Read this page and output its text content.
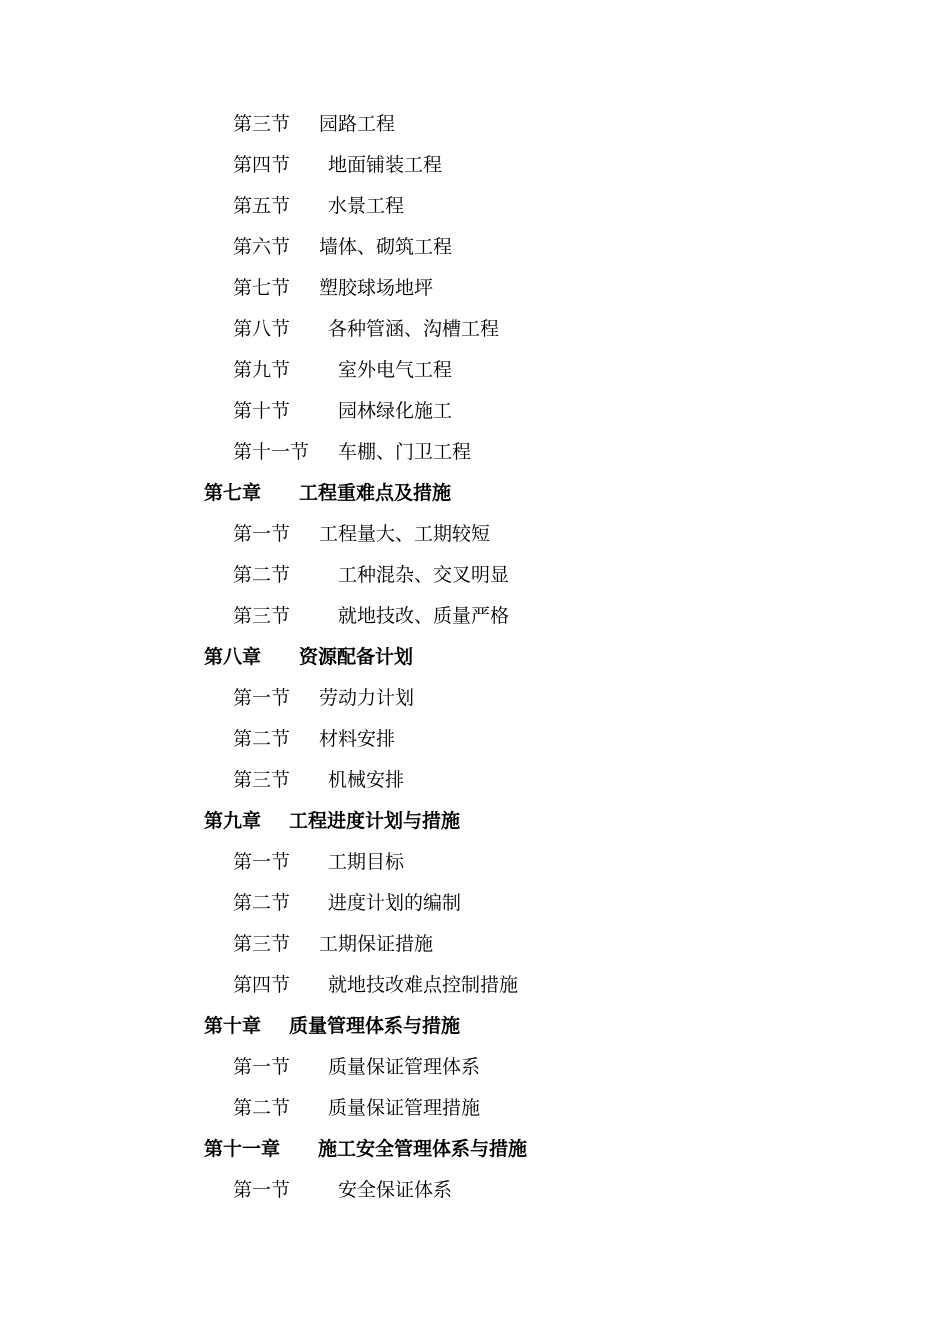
第三节 园路工程
第四节 地面铺装工程
第五节 水景工程
第六节 墙体、砌筑工程
第七节 塑胶球场地坪
第八节 各种管涵、沟槽工程
第九节	室外电气工程
第十节	园林绿化施工
第十一节 车棚、门卫工程
第七章 工程重难点及措施
第一节 工程量大、工期较短
第二节	工种混杂、交叉明显
第三节	就地技改、质量严格
第八章 资源配备计划
第一节 劳动力计划
第二节 材料安排
第三节 机械安排
第九章 工程进度计划与措施
第一节 工期目标
第二节 进度计划的编制
第三节 工期保证措施
第四节 就地技改难点控制措施
第十章 质量管理体系与措施
第一节 质量保证管理体系
第二节 质量保证管理措施
第十一章 施工安全管理体系与措施
第一节	安全保证体系
